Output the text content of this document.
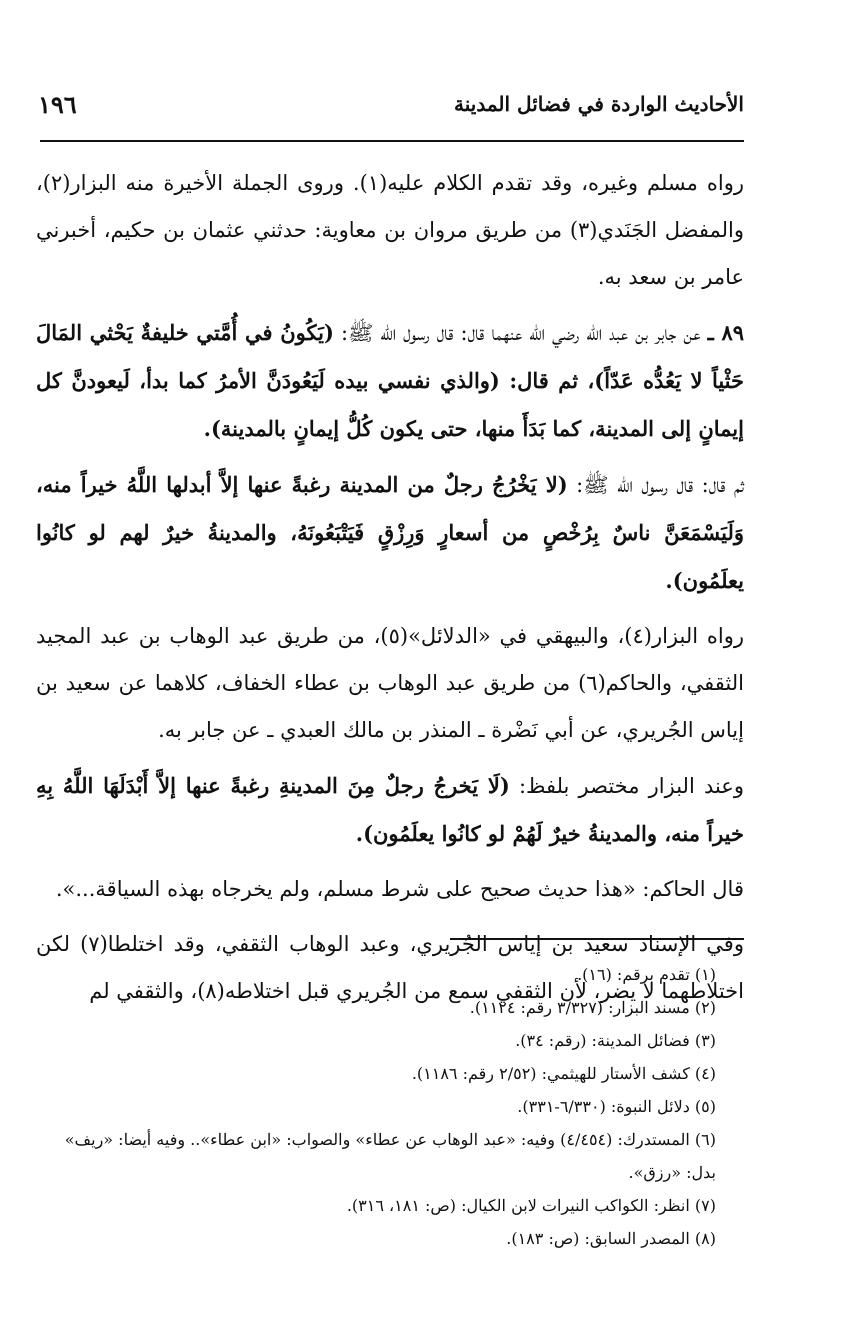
الأحاديث الواردة في فضائل المدينة
١٩٦

رواه مسلم وغيره، وقد تقدم الكلام عليه(١). وروى الجملة الأخيرة منه البزار(٢)، والمفضل الجَنَدي(٣) من طريق مروان بن معاوية: حدثني عثمان بن حكيم، أخبرني عامر بن سعد به.

٨٩ ـ عن جابر بن عبد الله رضي الله عنهما قال: قال رسول الله ﷺ: (يَكُونُ في أُمَّتي خليفةٌ يَحْثي المَالَ حَثْياً لا يَعُدُّه عَدّاً)، ثم قال: (والذي نفسي بيده لَيَعُودَنَّ الأمرُ كما بدأ، لَيعودنَّ كل إيمانٍ إلى المدينة، كما بَدَأَ منها، حتى يكون كُلُّ إيمانٍ بالمدينة).

ثم قال: قال رسول الله ﷺ: (لا يَخْرُجُ رجلٌ من المدينة رغبةً عنها إلاَّ أبدلها اللَّهُ خيراً منه، وَلَيَسْمَعَنَّ ناسٌ بِرُخْصٍ من أسعارٍ وَرِزْقٍ فَيَتْبَعُونَهُ، والمدينةُ خيرٌ لهم لو كانُوا يعلَمُون).

رواه البزار(٤)، والبيهقي في «الدلائل»(٥)، من طريق عبد الوهاب بن عبد المجيد الثقفي، والحاكم(٦) من طريق عبد الوهاب بن عطاء الخفاف، كلاهما عن سعيد بن إياس الجُريري، عن أبي نَضْرة ـ المنذر بن مالك العبدي ـ عن جابر به.

وعند البزار مختصر بلفظ: (لَا يَخرجُ رجلٌ مِنَ المدينةِ رغبةً عنها إلاَّ أَبْدَلَهَا اللَّهُ بِهِ خيراً منه، والمدينةُ خيرٌ لَهُمْ لو كانُوا يعلَمُون).

قال الحاكم: «هذا حديث صحيح على شرط مسلم، ولم يخرجاه بهذه السياقة...».

وفي الإسناد سعيد بن إياس الجُريري، وعبد الوهاب الثقفي، وقد اختلطا(٧) لكن اختلاطهما لا يضر، لأن الثقفي سمع من الجُريري قبل اختلاطه(٨)، والثقفي لم

(١) تقدم برقم: (١٦).

(٢) مسند البزار: (٣/٣٢٧ رقم: ١١٢٤).

(٣) فضائل المدينة: (رقم: ٣٤).

(٤) كشف الأستار للهيثمي: (٢/٥٢ رقم: ١١٨٦).

(٥) دلائل النبوة: (٦/٣٣٠-٣٣١).

(٦) المستدرك: (٤/٤٥٤) وفيه: «عبد الوهاب عن عطاء» والصواب: «ابن عطاء».. وفيه أيضا: «ريف» بدل: «رزق».

(٧) انظر: الكواكب النيرات لابن الكيال: (ص: ١٨١، ٣١٦).

(٨) المصدر السابق: (ص: ١٨٣).
